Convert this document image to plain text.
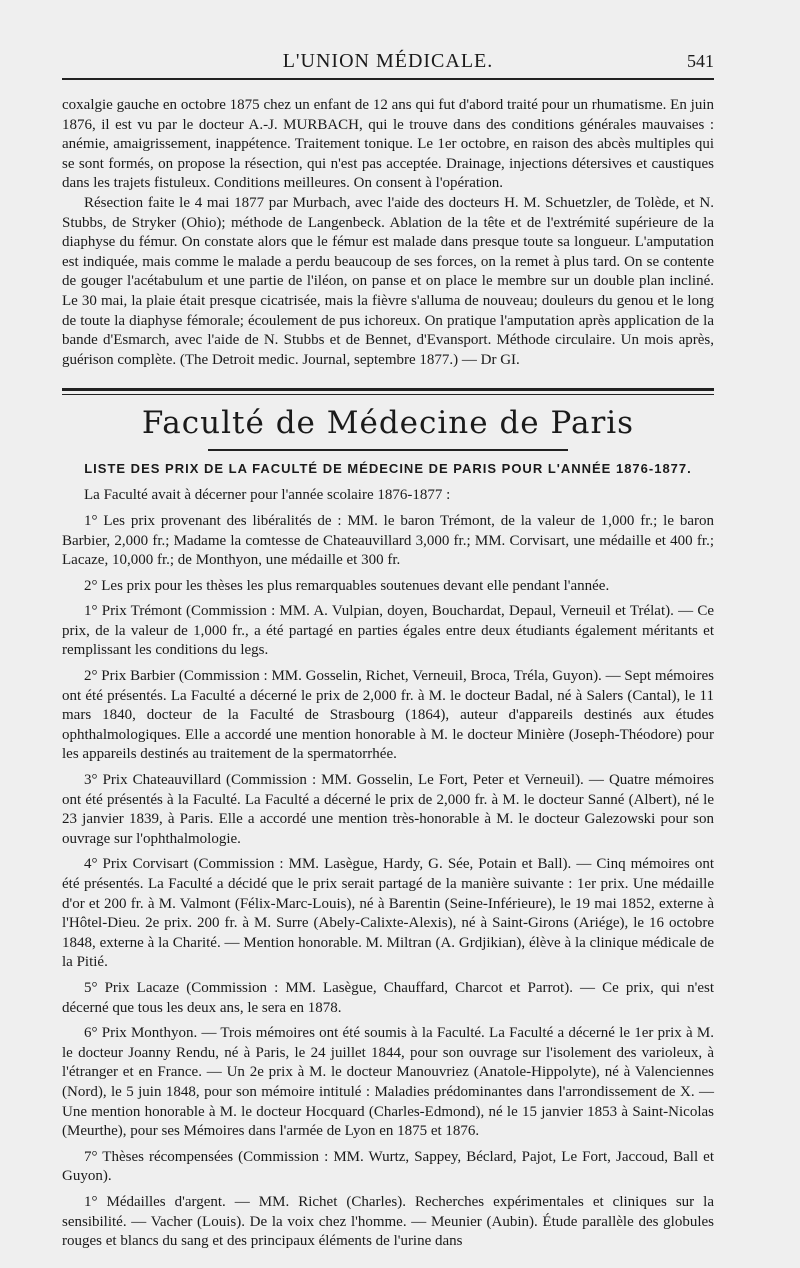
L'UNION MÉDICALE.	541

coxalgie gauche en octobre 1875 chez un enfant de 12 ans qui fut d'abord traité pour un rhumatisme. En juin 1876, il est vu par le docteur A.-J. MURBACH, qui le trouve dans des conditions générales mauvaises : anémie, amaigrissement, inappétence. Traitement tonique. Le 1er octobre, en raison des abcès multiples qui se sont formés, on propose la résection, qui n'est pas acceptée. Drainage, injections détersives et caustiques dans les trajets fistuleux. Conditions meilleures. On consent à l'opération.

Résection faite le 4 mai 1877 par Murbach, avec l'aide des docteurs H. M. Schuetzler, de Tolède, et N. Stubbs, de Stryker (Ohio); méthode de Langenbeck. Ablation de la tête et de l'extrémité supérieure de la diaphyse du fémur. On constate alors que le fémur est malade dans presque toute sa longueur. L'amputation est indiquée, mais comme le malade a perdu beaucoup de ses forces, on la remet à plus tard. On se contente de gouger l'acétabulum et une partie de l'iléon, on panse et on place le membre sur un double plan incliné. Le 30 mai, la plaie était presque cicatrisée, mais la fièvre s'alluma de nouveau; douleurs du genou et le long de toute la diaphyse fémorale; écoulement de pus ichoreux. On pratique l'amputation après application de la bande d'Esmarch, avec l'aide de N. Stubbs et de Bennet, d'Evansport. Méthode circulaire. Un mois après, guérison complète. (The Detroit medic. Journal, septembre 1877.) — Dr GI.

Faculté de Médecine de Paris
LISTE DES PRIX DE LA FACULTÉ DE MÉDECINE DE PARIS POUR L'ANNÉE 1876-1877.

La Faculté avait à décerner pour l'année scolaire 1876-1877 :

1° Les prix provenant des libéralités de : MM. le baron Trémont, de la valeur de 1,000 fr.; le baron Barbier, 2,000 fr.; Madame la comtesse de Chateauvillard 3,000 fr.; MM. Corvisart, une médaille et 400 fr.; Lacaze, 10,000 fr.; de Monthyon, une médaille et 300 fr.

2° Les prix pour les thèses les plus remarquables soutenues devant elle pendant l'année.

1° Prix Trémont (Commission : MM. A. Vulpian, doyen, Bouchardat, Depaul, Verneuil et Trélat). — Ce prix, de la valeur de 1,000 fr., a été partagé en parties égales entre deux étudiants également méritants et remplissant les conditions du legs.

2° Prix Barbier (Commission : MM. Gosselin, Richet, Verneuil, Broca, Tréla, Guyon). — Sept mémoires ont été présentés. La Faculté a décerné le prix de 2,000 fr. à M. le docteur Badal, né à Salers (Cantal), le 11 mars 1840, docteur de la Faculté de Strasbourg (1864), auteur d'appareils destinés aux études ophthalmologiques. Elle a accordé une mention honorable à M. le docteur Minière (Joseph-Théodore) pour les appareils destinés au traitement de la spermatorrhée.

3° Prix Chateauvillard (Commission : MM. Gosselin, Le Fort, Peter et Verneuil). — Quatre mémoires ont été présentés à la Faculté. La Faculté a décerné le prix de 2,000 fr. à M. le docteur Sanné (Albert), né le 23 janvier 1839, à Paris. Elle a accordé une mention très-honorable à M. le docteur Galezowski pour son ouvrage sur l'ophthalmologie.

4° Prix Corvisart (Commission : MM. Lasègue, Hardy, G. Sée, Potain et Ball). — Cinq mémoires ont été présentés. La Faculté a décidé que le prix serait partagé de la manière suivante : 1er prix. Une médaille d'or et 200 fr. à M. Valmont (Félix-Marc-Louis), né à Barentin (Seine-Inférieure), le 19 mai 1852, externe à l'Hôtel-Dieu. 2e prix. 200 fr. à M. Surre (Abely-Calixte-Alexis), né à Saint-Girons (Ariége), le 16 octobre 1848, externe à la Charité. — Mention honorable. M. Miltran (A. Grdjikian), élève à la clinique médicale de la Pitié.

5° Prix Lacaze (Commission : MM. Lasègue, Chauffard, Charcot et Parrot). — Ce prix, qui n'est décerné que tous les deux ans, le sera en 1878.

6° Prix Monthyon. — Trois mémoires ont été soumis à la Faculté. La Faculté a décerné le 1er prix à M. le docteur Joanny Rendu, né à Paris, le 24 juillet 1844, pour son ouvrage sur l'isolement des varioleux, à l'étranger et en France. — Un 2e prix à M. le docteur Manouvriez (Anatole-Hippolyte), né à Valenciennes (Nord), le 5 juin 1848, pour son mémoire intitulé : Maladies prédominantes dans l'arrondissement de X. — Une mention honorable à M. le docteur Hocquard (Charles-Edmond), né le 15 janvier 1853 à Saint-Nicolas (Meurthe), pour ses Mémoires dans l'armée de Lyon en 1875 et 1876.

7° Thèses récompensées (Commission : MM. Wurtz, Sappey, Béclard, Pajot, Le Fort, Jaccoud, Ball et Guyon).

1° Médailles d'argent. — MM. Richet (Charles). Recherches expérimentales et cliniques sur la sensibilité. — Vacher (Louis). De la voix chez l'homme. — Meunier (Aubin). Étude parallèle des globules rouges et blancs du sang et des principaux éléments de l'urine dans
